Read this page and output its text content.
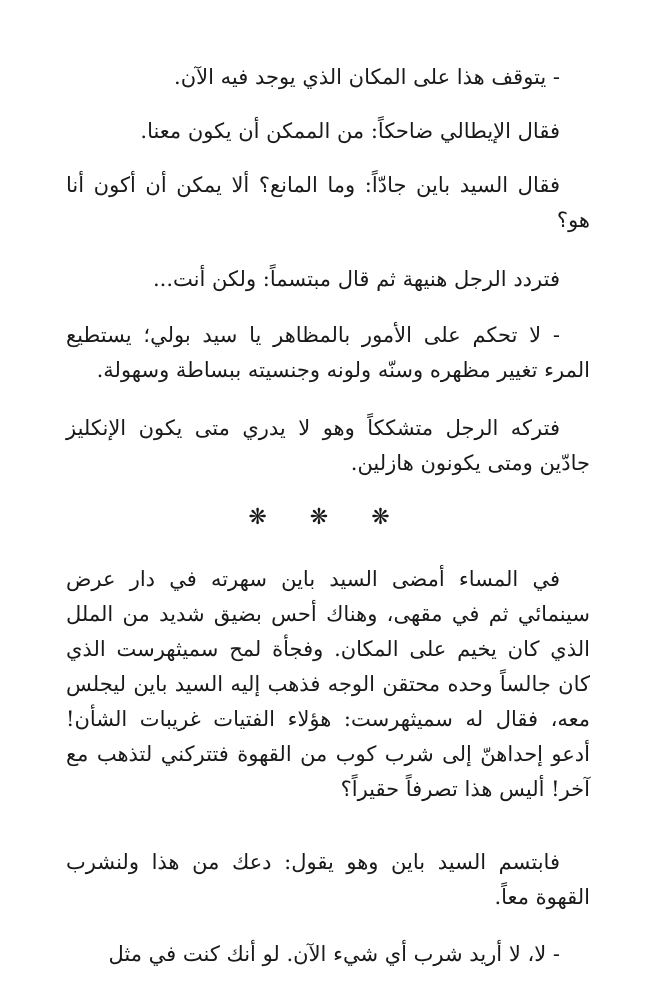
- يتوقف هذا على المكان الذي يوجد فيه الآن.

فقال الإيطالي ضاحكاً: من الممكن أن يكون معنا.

فقال السيد باين جادّاً: وما المانع؟ ألا يمكن أن أكون أنا هو؟

فتردد الرجل هنيهة ثم قال مبتسماً: ولكن أنت...

- لا تحكم على الأمور بالمظاهر يا سيد بولي؛ يستطيع المرء تغيير مظهره وسنّه ولونه وجنسيته ببساطة وسهولة.

فتركه الرجل متشككاً وهو لا يدري متى يكون الإنكليز جادّين ومتى يكونون هازلين.

❋ ❋ ❋

في المساء أمضى السيد باين سهرته في دار عرض سينمائي ثم في مقهى، وهناك أحس بضيق شديد من الملل الذي كان يخيم على المكان. وفجأة لمح سميثهرست الذي كان جالساً وحده محتقن الوجه فذهب إليه السيد باين ليجلس معه، فقال له سميثهرست: هؤلاء الفتيات غريبات الشأن! أدعو إحداهنّ إلى شرب كوب من القهوة فتتركني لتذهب مع آخر! أليس هذا تصرفاً حقيراً؟

فابتسم السيد باين وهو يقول: دعك من هذا ولنشرب القهوة معاً.

- لا، لا أريد شرب أي شيء الآن. لو أنك كنت في مثل
